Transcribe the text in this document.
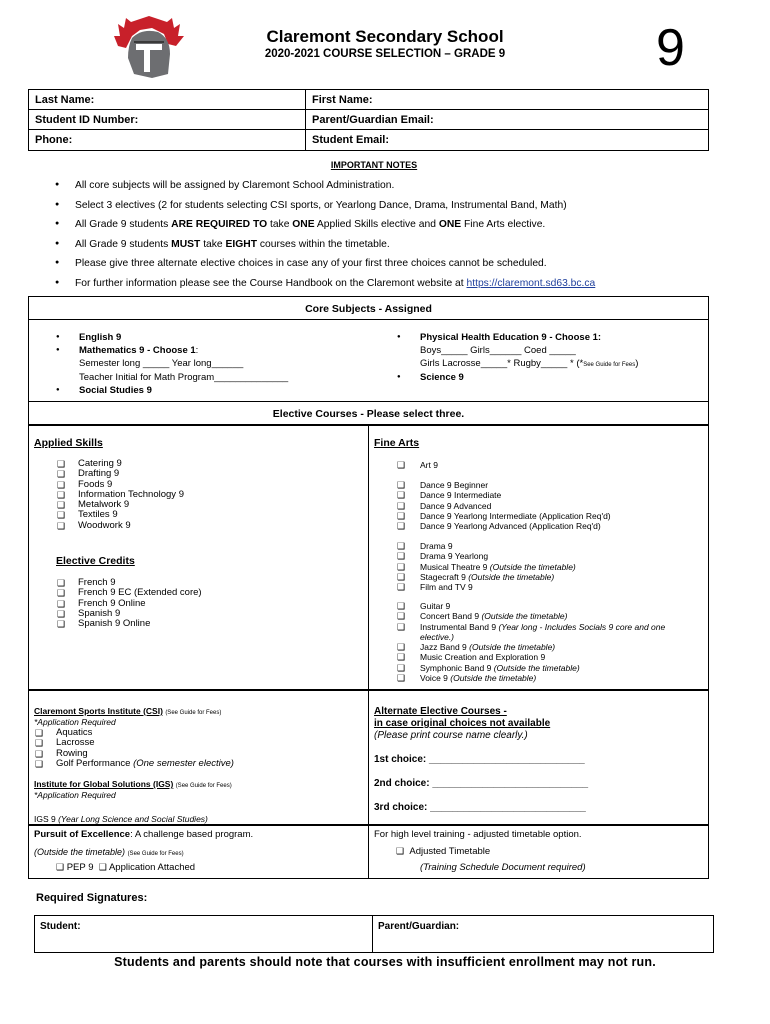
Claremont Secondary School
2020-2021 COURSE SELECTION – GRADE 9	9
Last Name:	First Name:
Student ID Number:	Parent/Guardian Email:
Phone:	Student Email:
IMPORTANT NOTES
● All core subjects will be assigned by Claremont School Administration.
● Select 3 electives (2 for students selecting CSI sports, or Yearlong Dance, Drama, Instrumental Band, Math)
● All Grade 9 students ARE REQUIRED TO take ONE Applied Skills elective and ONE Fine Arts elective.
● All Grade 9 students MUST take EIGHT courses within the timetable.
● Please give three alternate elective choices in case any of your first three choices cannot be scheduled.
● For further information please see the Course Handbook on the Claremont website at https://claremont.sd63.bc.ca
Core Subjects - Assigned
● English 9
● Mathematics 9 - Choose 1:
Semester long _____ Year long______
Teacher Initial for Math Program______________
● Social Studies 9
● Physical Health Education 9 - Choose 1:
Boys_____ Girls______ Coed _____
Girls Lacrosse_____* Rugby_____ * (*See Guide for Fees)
● Science 9
Elective Courses - Please select three.
Applied Skills
❑ Catering 9
❑ Drafting 9
❑ Foods 9
❑ Information Technology 9
❑ Metalwork 9
❑ Textiles 9
❑ Woodwork 9
Elective Credits
❑ French 9
❑ French 9 EC (Extended core)
❑ French 9 Online
❑ Spanish 9
❑ Spanish 9 Online
Fine Arts
❑ Art 9
❑ Dance 9 Beginner
❑ Dance 9 Intermediate
❑ Dance 9 Advanced
❑ Dance 9 Yearlong Intermediate (Application Req'd)
❑ Dance 9 Yearlong Advanced (Application Req'd)
❑ Drama 9
❑ Drama 9 Yearlong
❑ Musical Theatre 9 (Outside the timetable)
❑ Stagecraft 9 (Outside the timetable)
❑ Film and TV 9
❑ Guitar 9
❑ Concert Band 9 (Outside the timetable)
❑ Instrumental Band 9 (Year long - Includes Socials 9 core and one elective.)
❑ Jazz Band 9 (Outside the timetable)
❑ Music Creation and Exploration 9
❑ Symphonic Band 9 (Outside the timetable)
❑ Voice 9 (Outside the timetable)
Claremont Sports Institute (CSI) (See Guide for Fees)
*Application Required
❑ Aquatics
❑ Lacrosse
❑ Rowing
❑ Golf Performance (One semester elective)
Institute for Global Solutions (IGS) (See Guide for Fees)
*Application Required
IGS 9 (Year Long Science and Social Studies)
Alternate Elective Courses -
in case original choices not available
(Please print course name clearly.)
1st choice: ____________________________
2nd choice: ____________________________
3rd choice: ____________________________
Pursuit of Excellence: A challenge based program.
(Outside the timetable) (See Guide for Fees)
❑ PEP 9 ❑ Application Attached
For high level training - adjusted timetable option.
❑ Adjusted Timetable
(Training Schedule Document required)
Required Signatures:
Student:	Parent/Guardian:
Students and parents should note that courses with insufficient enrollment may not run.
